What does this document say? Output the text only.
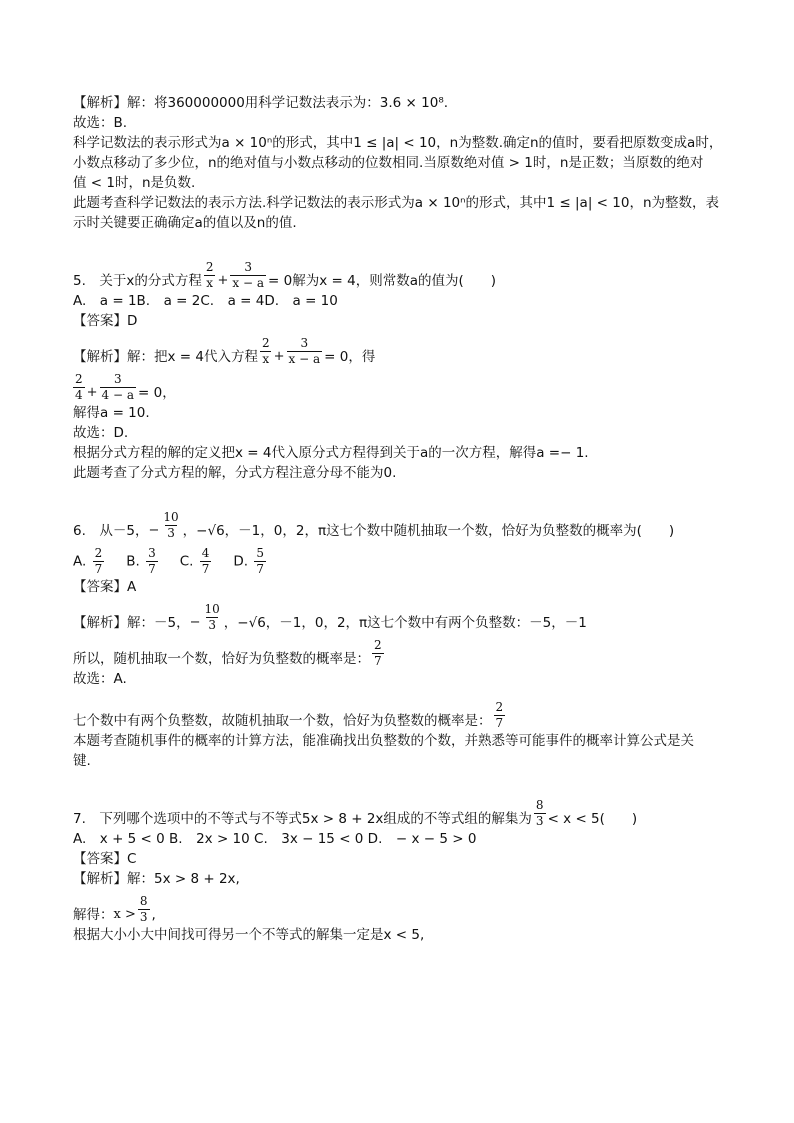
【解析】解：将360000000用科学记数法表示为：3.6 × 10⁸.
故选：B.
科学记数法的表示形式为a × 10ⁿ的形式，其中1 ≤ |a| < 10，n为整数.确定n的值时，要看把原数变成a时，
小数点移动了多少位，n的绝对值与小数点移动的位数相同.当原数绝对值 > 1时，n是正数；当原数的绝对
值 < 1时，n是负数.
此题考查科学记数法的表示方法.科学记数法的表示形式为a × 10ⁿ的形式，其中1 ≤ |a| < 10，n为整数，表
示时关键要正确确定a的值以及n的值.
5.　关于x的分式方程 $\frac{2}{x} + \frac{3}{x - a} = 0$解为x = 4，则常数a的值为(　　)
A.　a = 1B.　a = 2C.　a = 4D.　a = 10
【答案】D
【解析】解：把x = 4代入方程 $\frac{2}{x} + \frac{3}{x - a} = 0$，得
$\frac{2}{4} + \frac{3}{4 - a} = 0$，
解得a = 10.
故选：D.
根据分式方程的解的定义把x = 4代入原分式方程得到关于a的一次方程，解得a =− 1.
此题考查了分式方程的解，分式方程注意分母不能为0.
6.　从－5， − $\frac{10}{3}$ ，−√6，－1，0，2，π这七个数中随机抽取一个数，恰好为负整数的概率为(　　)
A. $\frac{2}{7} B$. $\frac{3}{7} C$. $\frac{4}{7} D$. $\frac{5}{7}$
【答案】A
【解析】解：－5， − $\frac{10}{3}$ ，−√6，－1，0，2，π这七个数中有两个负整数：－5，－1
所以，随机抽取一个数，恰好为负整数的概率是： $\frac{2}{7}$
故选：A.
七个数中有两个负整数，故随机抽取一个数，恰好为负整数的概率是： $\frac{2}{7}$
本题考查随机事件的概率的计算方法，能准确找出负整数的个数，并熟悉等可能事件的概率计算公式是关
键.
7.　下列哪个选项中的不等式与不等式5x > 8 + 2x组成的不等式组的解集为 $\frac{8}{3} < x < 5$(　　)
A.　x + 5 < 0 B.　2x > 10 C.　3x − 15 < 0 D.　− x − 5 > 0
【答案】C
【解析】解：5x > 8 + 2x,
解得： $x > \frac{8}{3}$ ,
根据大小小大中间找可得另一个不等式的解集一定是x < 5,
